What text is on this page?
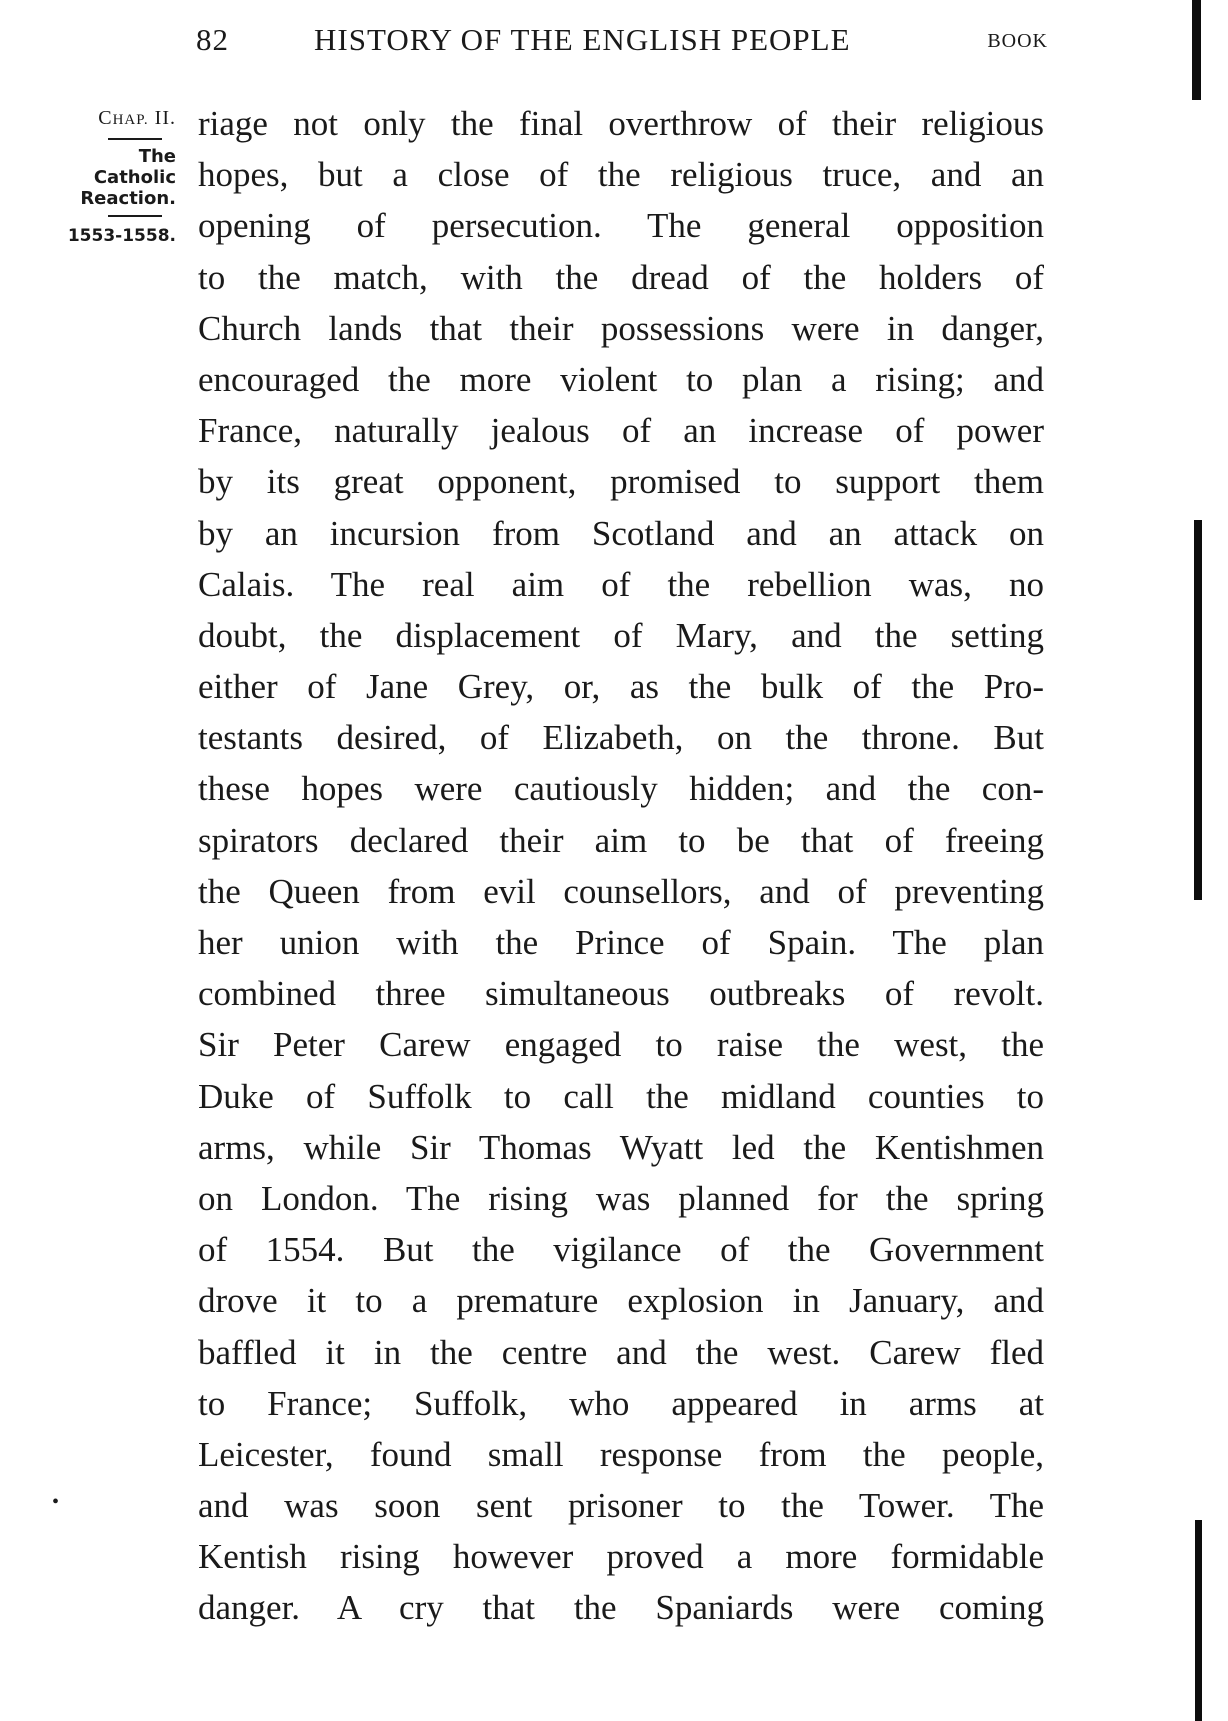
82	HISTORY OF THE ENGLISH PEOPLE	BOOK
CHAP. II.
The
Catholic
Reaction.
1553-1558.
riage not only the final overthrow of their religious
hopes, but a close of the religious truce, and an
opening of persecution. The general opposition
to the match, with the dread of the holders of
Church lands that their possessions were in danger,
encouraged the more violent to plan a rising; and
France, naturally jealous of an increase of power
by its great opponent, promised to support them
by an incursion from Scotland and an attack on
Calais. The real aim of the rebellion was, no
doubt, the displacement of Mary, and the setting
either of Jane Grey, or, as the bulk of the Pro-
testants desired, of Elizabeth, on the throne. But
these hopes were cautiously hidden; and the con-
spirators declared their aim to be that of freeing
the Queen from evil counsellors, and of preventing
her union with the Prince of Spain. The plan
combined three simultaneous outbreaks of revolt.
Sir Peter Carew engaged to raise the west, the
Duke of Suffolk to call the midland counties to
arms, while Sir Thomas Wyatt led the Kentishmen
on London. The rising was planned for the spring
of 1554. But the vigilance of the Government
drove it to a premature explosion in January, and
baffled it in the centre and the west. Carew fled
to France; Suffolk, who appeared in arms at
Leicester, found small response from the people,
and was soon sent prisoner to the Tower. The
Kentish rising however proved a more formidable
danger. A cry that the Spaniards were coming
•
